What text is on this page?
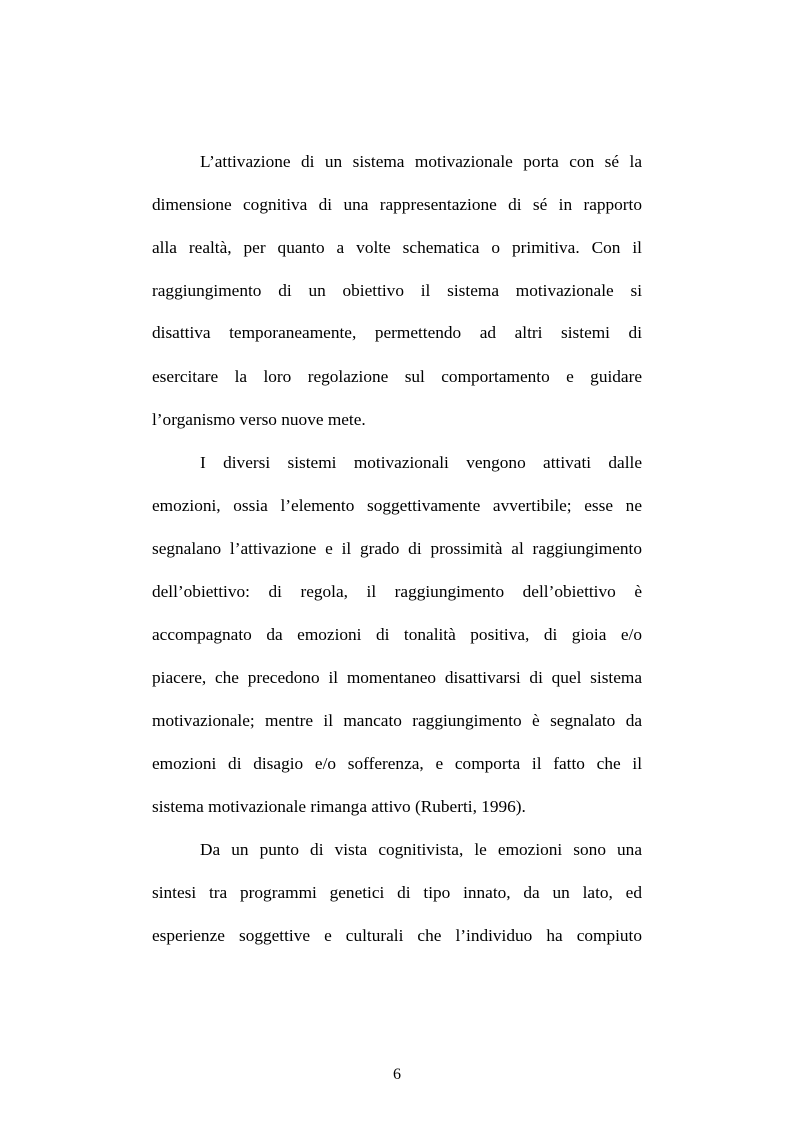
L’attivazione di un sistema motivazionale porta con sé la
dimensione cognitiva di una rappresentazione di sé in rapporto
alla realtà, per quanto a volte schematica o primitiva. Con il
raggiungimento di un obiettivo il sistema motivazionale si
disattiva temporaneamente, permettendo ad altri sistemi di
esercitare la loro regolazione sul comportamento e guidare
l’organismo verso nuove mete.
I diversi sistemi motivazionali vengono attivati dalle
emozioni, ossia l’elemento soggettivamente avvertibile; esse ne
segnalano l’attivazione e il grado di prossimità al raggiungimento
dell’obiettivo: di regola, il raggiungimento dell’obiettivo è
accompagnato da emozioni di tonalità positiva, di gioia e/o
piacere, che precedono il momentaneo disattivarsi di quel sistema
motivazionale; mentre il mancato raggiungimento è segnalato da
emozioni di disagio e/o sofferenza, e comporta il fatto che il
sistema motivazionale rimanga attivo (Ruberti, 1996).
Da un punto di vista cognitivista, le emozioni sono una
sintesi tra programmi genetici di tipo innato, da un lato, ed
esperienze soggettive e culturali che l’individuo ha compiuto
6
